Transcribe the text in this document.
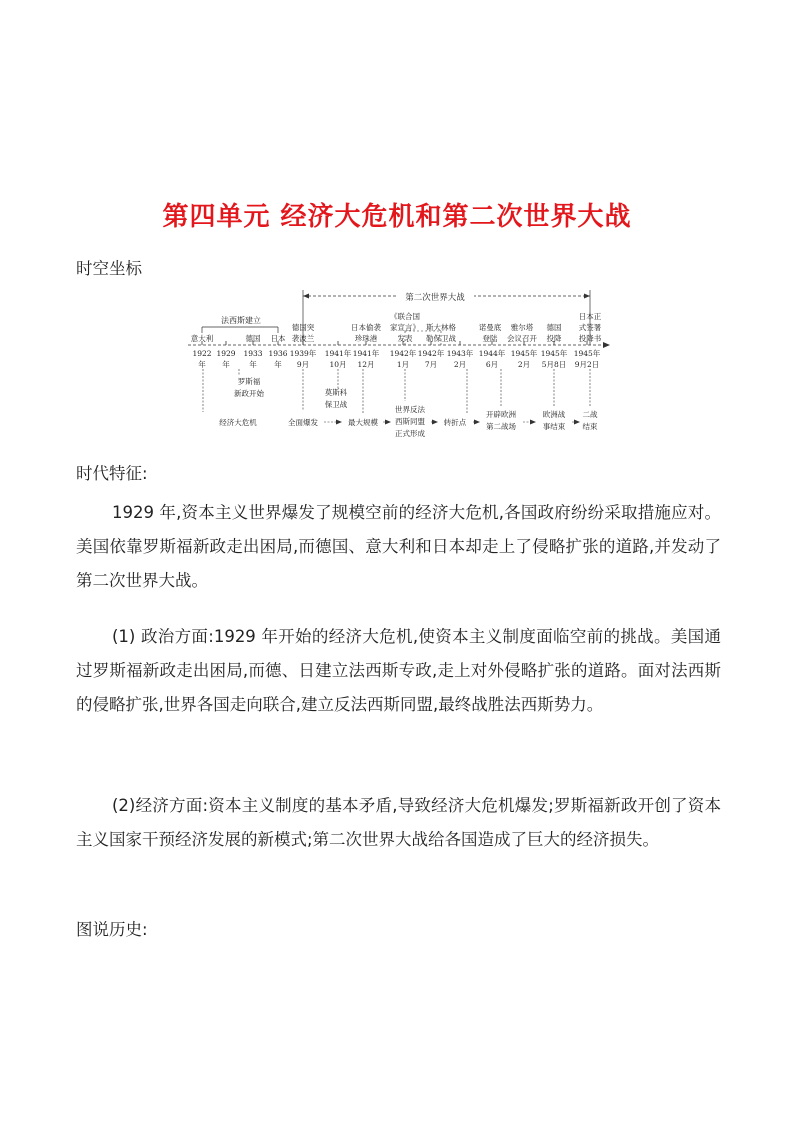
第四单元 经济大危机和第二次世界大战
时空坐标
第二次世界大战
法西斯建立
意大利	德国 日本
德国突
袭波兰
日本偷袭
珍珠港
《联合国
家宣言》
发表
斯大林格
勒保卫战
诺曼底
登陆
雅尔塔
会议召开
德国
投降
日本正
式签署
投降书
1922
年
1929
年
1933
年
1936
年
1939年
9月
1941年
10月
1941年
12月
1942年
1月
1942年
7月
1943年
2月
1944年
6月
1945年
2月
1945年
5月8日
1945年
9月2日
罗斯福
新政开始	莫斯科
保卫战
经济大危机	全面爆发	最大规模
世界反法
西斯同盟
正式形成
转折点
开辟欧洲
第二战场
欧洲战
事结束
二战
结束
时代特征:

1929 年,资本主义世界爆发了规模空前的经济大危机,各国政府纷纷采取措施应对。美国依靠罗斯福新政走出困局,而德国、意大利和日本却走上了侵略扩张的道路,并发动了第二次世界大战。

(1) 政治方面:1929 年开始的经济大危机,使资本主义制度面临空前的挑战。美国通过罗斯福新政走出困局,而德、日建立法西斯专政,走上对外侵略扩张的道路。面对法西斯的侵略扩张,世界各国走向联合,建立反法西斯同盟,最终战胜法西斯势力。

(2)经济方面:资本主义制度的基本矛盾,导致经济大危机爆发;罗斯福新政开创了资本主义国家干预经济发展的新模式;第二次世界大战给各国造成了巨大的经济损失。

图说历史:
